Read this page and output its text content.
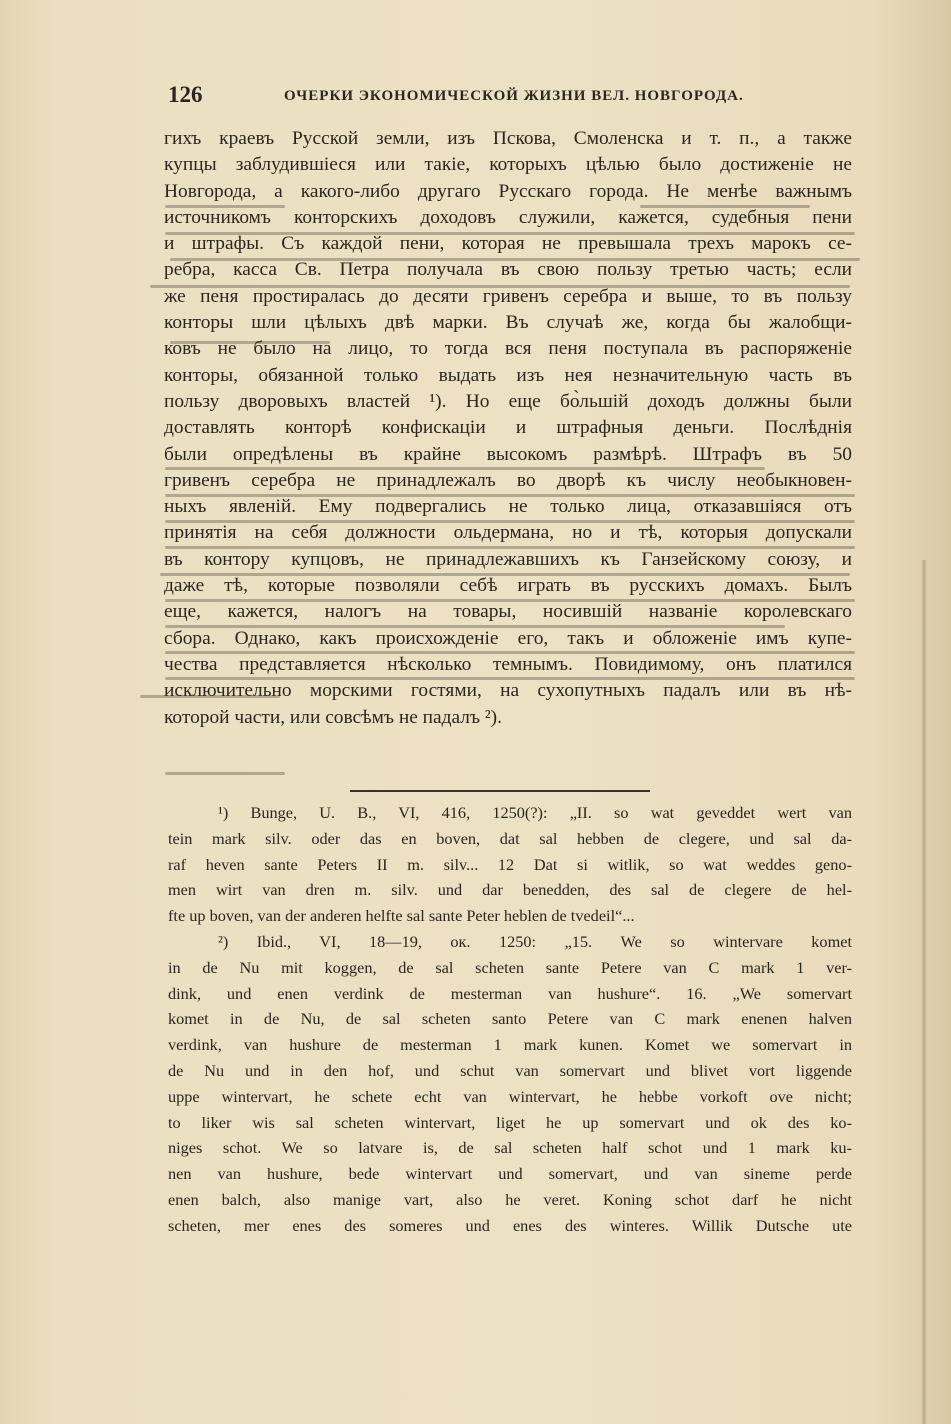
126	ОЧЕРКИ ЭКОНОМИЧЕСКОЙ ЖИЗНИ ВЕЛ. НОВГОРОДА.
гихъ краевъ Русской земли, изъ Пскова, Смоленска и т. п., а также
купцы заблудившіеся или такіе, которыхъ цѣлью было достиженіе не
Новгорода, а какого-либо другаго Русскаго города. Не менѣе важнымъ
источникомъ конторскихъ доходовъ служили, кажется, судебныя пени
и штрафы. Съ каждой пени, которая не превышала трехъ марокъ се-
ребра, касса Св. Петра получала въ свою пользу третью часть; если
же пеня простиралась до десяти гривенъ серебра и выше, то въ пользу
конторы шли цѣлыхъ двѣ марки. Въ случаѣ же, когда бы жалобщи-
ковъ не было на лицо, то тогда вся пеня поступала въ распоряженіе
конторы, обязанной только выдать изъ нея незначительную часть въ
пользу дворовыхъ властей ¹). Но еще бо̀льшій доходъ должны были
доставлять конторѣ конфискаціи и штрафныя деньги. Послѣднія
были опредѣлены въ крайне высокомъ размѣрѣ. Штрафъ въ 50
гривенъ серебра не принадлежалъ во дворѣ къ числу необыкновен-
ныхъ явленій. Ему подвергались не только лица, отказавшіяся отъ
принятія на себя должности ольдермана, но и тѣ, которыя допускали
въ контору купцовъ, не принадлежавшихъ къ Ганзейскому союзу, и
даже тѣ, которые позволяли себѣ играть въ русскихъ домахъ. Былъ
еще, кажется, налогъ на товары, носившій названіе королевскаго
сбора. Однако, какъ происхожденіе его, такъ и обложеніе имъ купе-
чества представляется нѣсколько темнымъ. Повидимому, онъ платился
исключительно морскими гостями, на сухопутныхъ падалъ или въ нѣ-
которой части, или совсѣмъ не падалъ ²).
¹) Bunge, U. B., VI, 416, 1250(?): „II. so wat geveddet wert van
tein mark silv. oder das en boven, dat sal hebben de clegere, und sal da-
raf heven sante Peters II m. silv... 12 Dat si witlik, so wat weddes geno-
men wirt van dren m. silv. und dar benedden, des sal de clegere de hel-
fte up boven, van der anderen helfte sal sante Peter heblen de tvedeil“...
²) Ibid., VI, 18—19, ок. 1250: „15. We so wintervare komet
in de Nu mit koggen, de sal scheten sante Petere van C mark 1 ver-
dink, und enen verdink de mesterman van hushure“. 16. „We somervart
komet in de Nu, de sal scheten santo Petere van C mark enenen halven
verdink, van hushure de mesterman 1 mark kunen. Komet we somervart in
de Nu und in den hof, und schut van somervart und blivet vort liggende
uppe wintervart, he schete echt van wintervart, he hebbe vorkoft ove nicht;
to liker wis sal scheten wintervart, liget he up somervart und ok des ko-
niges schot. We so latvare is, de sal scheten half schot und 1 mark ku-
nen van hushure, bede wintervart und somervart, und van sineme perde
enen balch, also manige vart, also he veret. Koning schot darf he nicht
scheten, mer enes des someres und enes des winteres. Willik Dutsche ute
